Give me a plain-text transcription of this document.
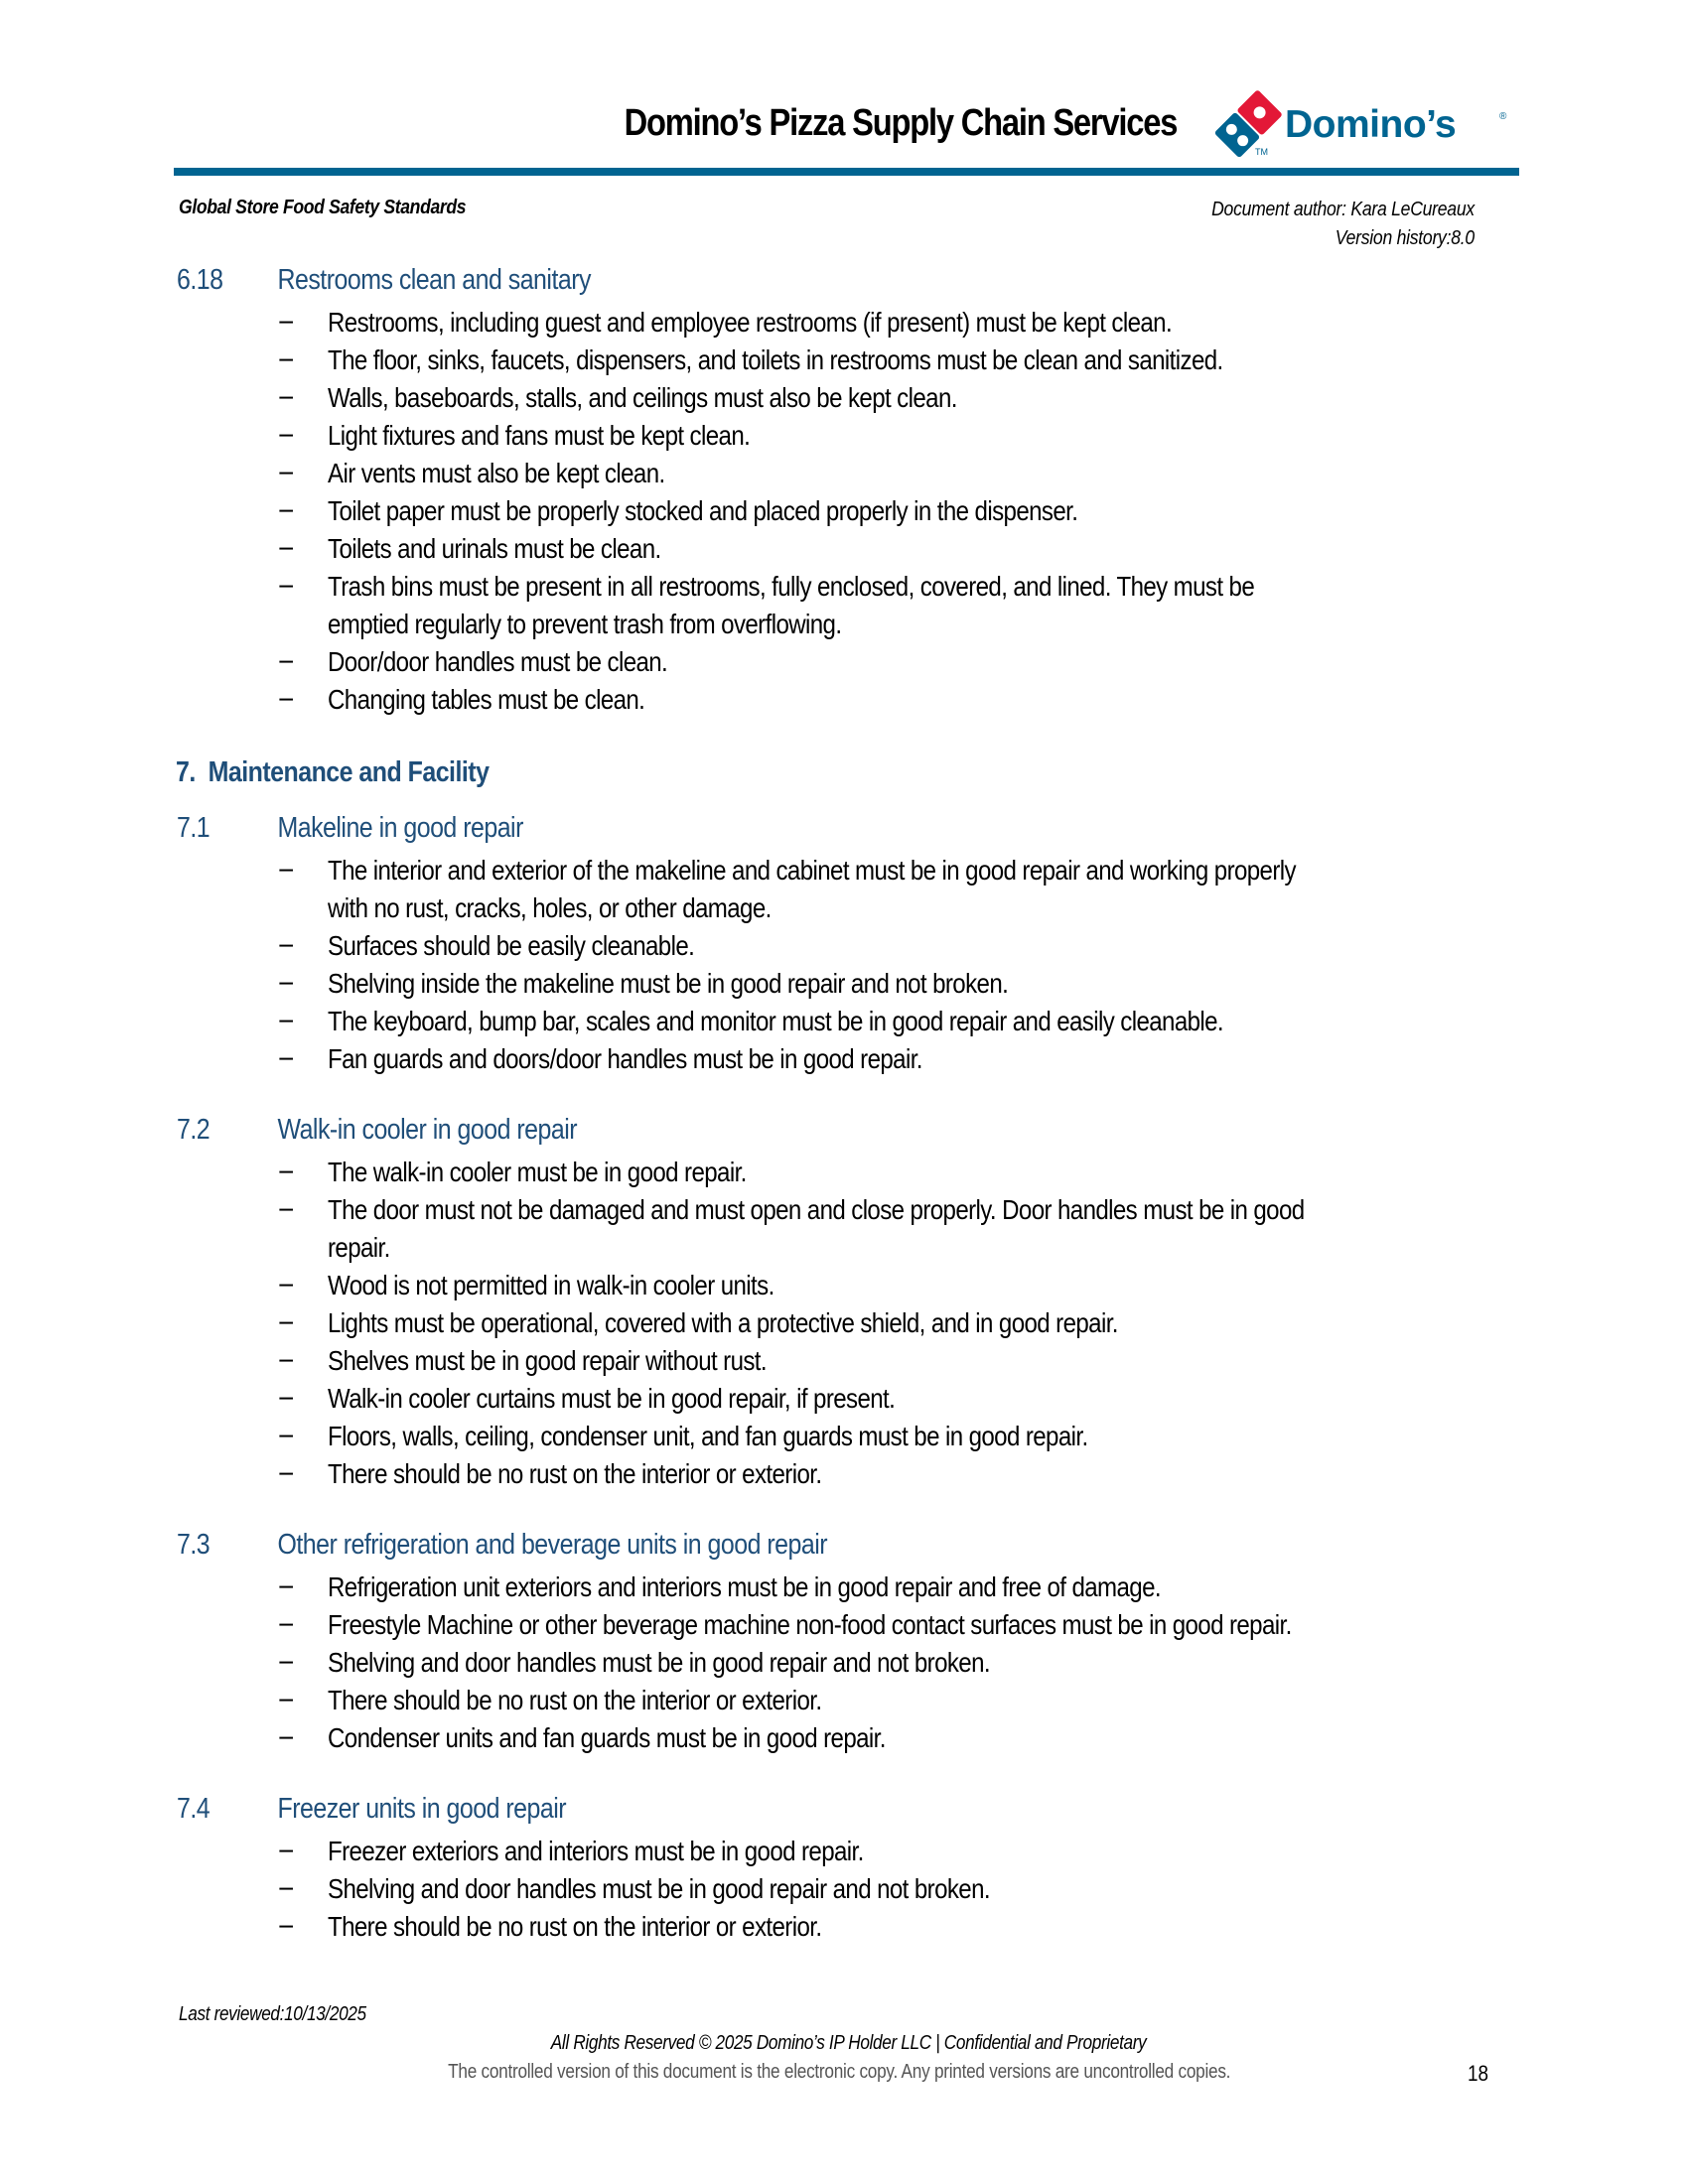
Domino’s Pizza Supply Chain Services
TM
Domino’s	®
Global Store Food Safety Standards	Document author: Kara LeCureaux
Version history:8.0
6.18 Restrooms clean and sanitary
− Restrooms, including guest and employee restrooms (if present) must be kept clean.
− The floor, sinks, faucets, dispensers, and toilets in restrooms must be clean and sanitized.
− Walls, baseboards, stalls, and ceilings must also be kept clean.
− Light fixtures and fans must be kept clean.
− Air vents must also be kept clean.
− Toilet paper must be properly stocked and placed properly in the dispenser.
− Toilets and urinals must be clean.
− Trash bins must be present in all restrooms, fully enclosed, covered, and lined. They must be
emptied regularly to prevent trash from overflowing.
− Door/door handles must be clean.
− Changing tables must be clean.
7. Maintenance and Facility
7.1 Makeline in good repair
− The interior and exterior of the makeline and cabinet must be in good repair and working properly
with no rust, cracks, holes, or other damage.
− Surfaces should be easily cleanable.
− Shelving inside the makeline must be in good repair and not broken.
− The keyboard, bump bar, scales and monitor must be in good repair and easily cleanable.
− Fan guards and doors/door handles must be in good repair.
7.2 Walk-in cooler in good repair
− The walk-in cooler must be in good repair.
− The door must not be damaged and must open and close properly. Door handles must be in good
repair.
− Wood is not permitted in walk-in cooler units.
− Lights must be operational, covered with a protective shield, and in good repair.
− Shelves must be in good repair without rust.
− Walk-in cooler curtains must be in good repair, if present.
− Floors, walls, ceiling, condenser unit, and fan guards must be in good repair.
− There should be no rust on the interior or exterior.
7.3 Other refrigeration and beverage units in good repair
− Refrigeration unit exteriors and interiors must be in good repair and free of damage.
− Freestyle Machine or other beverage machine non-food contact surfaces must be in good repair.
− Shelving and door handles must be in good repair and not broken.
− There should be no rust on the interior or exterior.
− Condenser units and fan guards must be in good repair.
7.4 Freezer units in good repair
− Freezer exteriors and interiors must be in good repair.
− Shelving and door handles must be in good repair and not broken.
− There should be no rust on the interior or exterior.
Last reviewed:10/13/2025
All Rights Reserved © 2025 Domino’s IP Holder LLC | Confidential and Proprietary
The controlled version of this document is the electronic copy. Any printed versions are uncontrolled copies.	18
